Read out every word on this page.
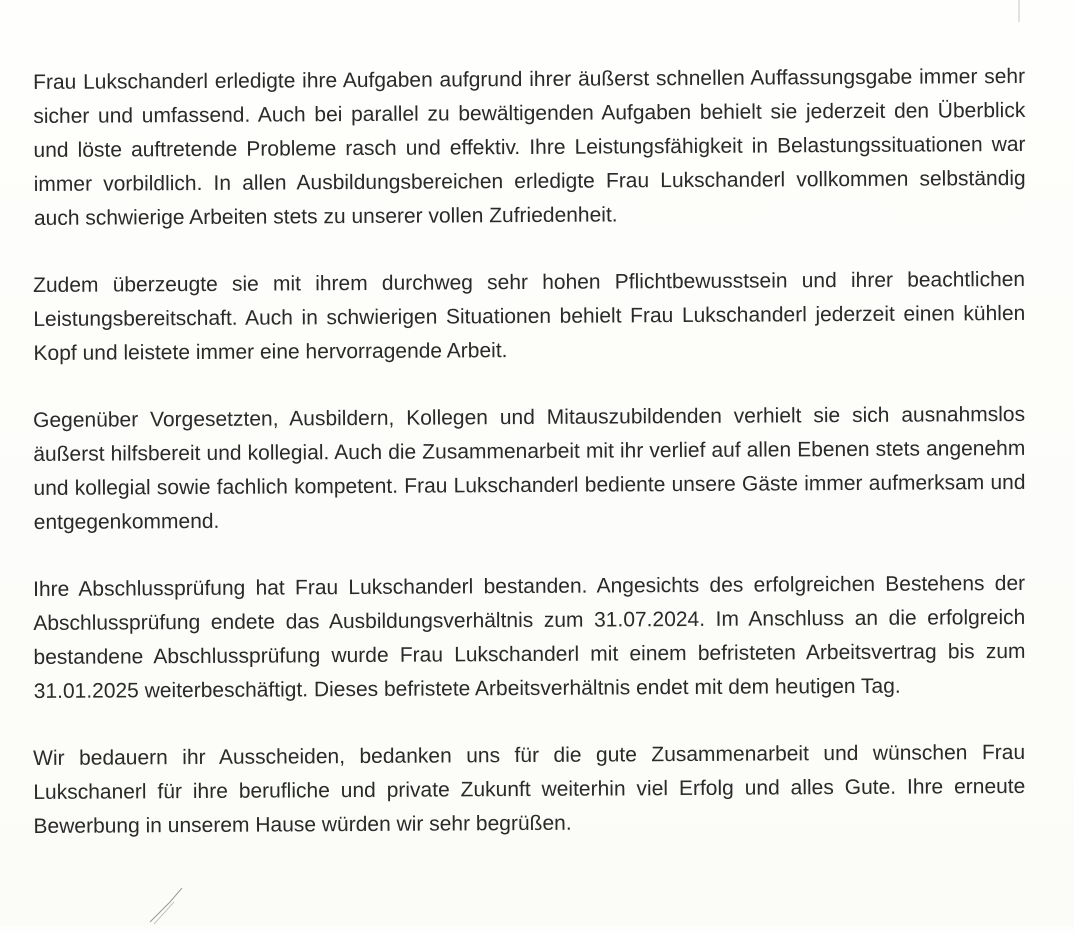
Frau Lukschanderl erledigte ihre Aufgaben aufgrund ihrer äußerst schnellen Auffassungsgabe immer sehr sicher und umfassend. Auch bei parallel zu bewältigenden Aufgaben behielt sie jederzeit den Überblick und löste auftretende Probleme rasch und effektiv. Ihre Leistungsfähigkeit in Belastungssituationen war immer vorbildlich. In allen Ausbildungsbereichen erledigte Frau Lukschanderl vollkommen selbständig auch schwierige Arbeiten stets zu unserer vollen Zufriedenheit.

Zudem überzeugte sie mit ihrem durchweg sehr hohen Pflichtbewusstsein und ihrer beachtlichen Leistungsbereitschaft. Auch in schwierigen Situationen behielt Frau Lukschanderl jederzeit einen kühlen Kopf und leistete immer eine hervorragende Arbeit.

Gegenüber Vorgesetzten, Ausbildern, Kollegen und Mitauszubildenden verhielt sie sich ausnahmslos äußerst hilfsbereit und kollegial. Auch die Zusammenarbeit mit ihr verlief auf allen Ebenen stets angenehm und kollegial sowie fachlich kompetent. Frau Lukschanderl bediente unsere Gäste immer aufmerksam und entgegenkommend.

Ihre Abschlussprüfung hat Frau Lukschanderl bestanden. Angesichts des erfolgreichen Bestehens der Abschlussprüfung endete das Ausbildungsverhältnis zum 31.07.2024. Im Anschluss an die erfolgreich bestandene Abschlussprüfung wurde Frau Lukschanderl mit einem befristeten Arbeitsvertrag bis zum 31.01.2025 weiterbeschäftigt. Dieses befristete Arbeitsverhältnis endet mit dem heutigen Tag.

Wir bedauern ihr Ausscheiden, bedanken uns für die gute Zusammenarbeit und wünschen Frau Lukschanerl für ihre berufliche und private Zukunft weiterhin viel Erfolg und alles Gute. Ihre erneute Bewerbung in unserem Hause würden wir sehr begrüßen.
